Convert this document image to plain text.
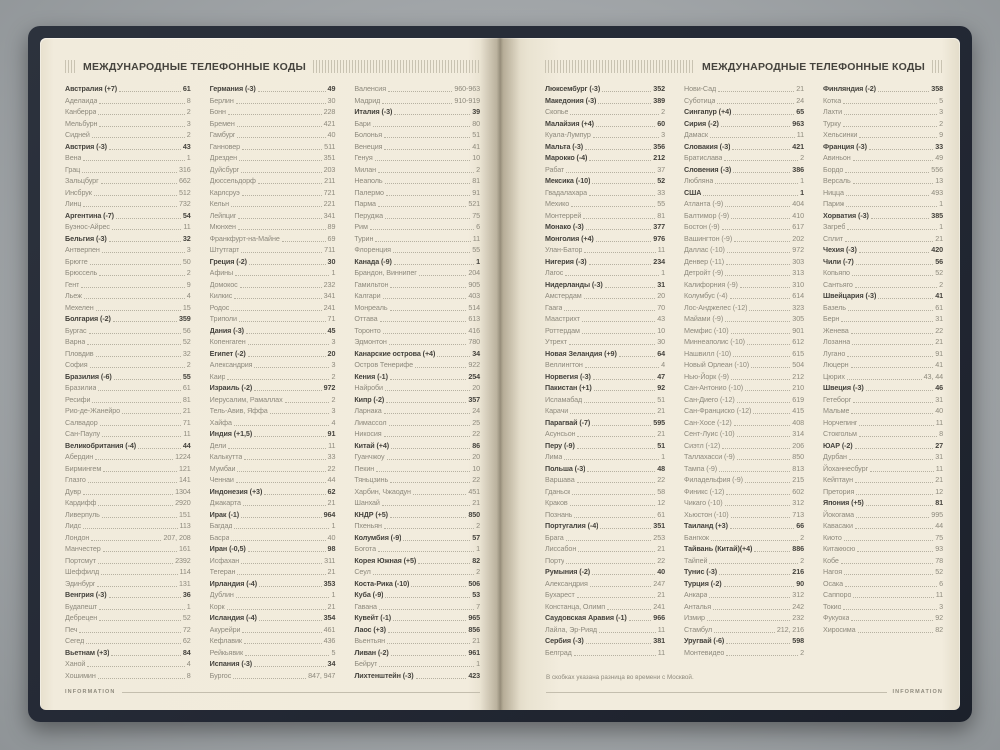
МЕЖДУНАРОДНЫЕ ТЕЛЕФОННЫЕ КОДЫ
Австралия (+7)	61
Аделаида	8
Канберра	2
Мельбурн	3
Сидней	2
Австрия (-3)	43
Вена	1
Грац	316
Зальцбург	662
Инсбрук	512
Линц	732
Аргентина (-7)	54
Буэнос-Айрес	11
Бельгия (-3)	32
Антверпен	3
Брюгге	50
Брюссель	2
Гент	9
Льеж	4
Мехелен	15
Болгария (-2)	359
Бургас	56
Варна	52
Пловдив	32
София	2
Бразилия (-6)	55
Бразилиа	61
Ресифи	81
Рио-де-Жанейро	21
Салвадор	71
Сан-Паулу	11
Великобритания (-4)	44
Абердин	1224
Бирмингем	121
Глазго	141
Дувр	1304
Кардифф	2920
Ливерпуль	151
Лидс	113
Лондон	207, 208
Манчестер	161
Портсмут	2392
Шеффилд	114
Эдинбург	131
Венгрия (-3)	36
Будапешт	1
Дебрецен	52
Печ	72
Сегед	62
Вьетнам (+3)	84
Ханой	4
Хошимин	8
Германия (-3)	49
Берлин	30
Бонн	228
Бремен	421
Гамбург	40
Ганновер	511
Дрезден	351
Дуйсбург	203
Дюссельдорф	211
Карлсруэ	721
Кельн	221
Лейпциг	341
Мюнхен	89
Франкфурт-на-Майне	69
Штутгарт	711
Греция (-2)	30
Афины	1
Домокос	232
Килкис	341
Родос	241
Триполи	71
Дания (-3)	45
Копенгаген	3
Египет (-2)	20
Александрия	3
Каир	2
Израиль (-2)	972
Иерусалим, Рамаллах	2
Тель-Авив, Яффа	3
Хайфа	4
Индия (+1,5)	91
Дели	11
Калькутта	33
Мумбаи	22
Ченнаи	44
Индонезия (+3)	62
Джакарта	21
Ирак (-1)	964
Багдад	1
Басра	40
Иран (-0,5)	98
Исфахан	311
Тегеран	21
Ирландия (-4)	353
Дублин	1
Корк	21
Исландия (-4)	354
Акурейри	461
Кефлавик	436
Рейкьявик	5
Испания (-3)	34
Бургос	847, 947
Валенсия	960-963
Мадрид	910-919
Италия (-3)	39
Бари	80
Болонья	51
Венеция	41
Генуя	10
Милан	2
Неаполь	81
Палермо	91
Парма	521
Перуджа	75
Рим	6
Турин	11
Флоренция	55
Канада (-9)	1
Брандон, Виннипег	204
Гамильтон	905
Калгари	403
Монреаль	514
Оттава	613
Торонто	416
Эдмонтон	780
Канарские острова (+4)	34
Остров Тенерифе	922
Кения (-1)	254
Найроби	20
Кипр (-2)	357
Ларнака	24
Лимассол	25
Никосия	22
Китай (+4)	86
Гуанчжоу	20
Пекин	10
Тяньцзинь	22
Харбин, Чжаодун	451
Шанхай	21
КНДР (+5)	850
Пхеньян	2
Колумбия (-9)	57
Богота	1
Корея Южная (+5)	82
Сеул	2
Коста-Рика (-10)	506
Куба (-9)	53
Гавана	7
Кувейт (-1)	965
Лаос (+3)	856
Вьентьян	21
Ливан (-2)	961
Бейрут	1
Лихтенштейн (-3)	423
INFORMATION
МЕЖДУНАРОДНЫЕ ТЕЛЕФОННЫЕ КОДЫ
Люксембург (-3)	352
Македония (-3)	389
Скопье	2
Малайзия (+4)	60
Куала-Лумпур	3
Мальта (-3)	356
Марокко (-4)	212
Рабат	37
Мексика (-10)	52
Гвадалахара	33
Мехико	55
Монтеррей	81
Монако (-3)	377
Монголия (+4)	976
Улан-Батор	11
Нигерия (-3)	234
Лагос	1
Нидерланды (-3)	31
Амстердам	20
Гаага	70
Маастрихт	43
Роттердам	10
Утрехт	30
Новая Зеландия (+9)	64
Веллингтон	4
Норвегия (-3)	47
Пакистан (+1)	92
Исламабад	51
Карачи	21
Парагвай (-7)	595
Асунсьон	21
Перу (-9)	51
Лима	1
Польша (-3)	48
Варшава	22
Гданьск	58
Краков	12
Познань	61
Португалия (-4)	351
Брага	253
Лиссабон	21
Порту	22
Румыния (-2)	40
Александрия	247
Бухарест	21
Констанца, Олимп	241
Саудовская Аравия (-1)	966
Лайла, Эр-Рияд	11
Сербия (-3)	381
Белград	11
Нови-Сад	21
Суботица	24
Сингапур (+4)	65
Сирия (-2)	963
Дамаск	11
Словакия (-3)	421
Братислава	2
Словения (-3)	386
Любляна	1
США	1
Атланта (-9)	404
Балтимор (-9)	410
Бостон (-9)	617
Вашингтон (-9)	202
Даллас (-10)	972
Денвер (-11)	303
Детройт (-9)	313
Калифорния (-9)	310
Колумбус (-4)	614
Лос-Анджелес (-12)	323
Майами (-9)	305
Мемфис (-10)	901
Миннеаполис (-10)	612
Нашвилл (-10)	615
Новый Орлеан (-10)	504
Нью-Йорк (-9)	212
Сан-Антонио (-10)	210
Сан-Диего (-12)	619
Сан-Франциско (-12)	415
Сан-Хосе (-12)	408
Сент-Луис (-10)	314
Сиэтл (-12)	206
Таллахасси (-9)	850
Тампа (-9)	813
Филадельфия (-9)	215
Финикс (-12)	602
Чикаго (-10)	312
Хьюстон (-10)	713
Таиланд (+3)	66
Бангкок	2
Тайвань (Китай)(+4)	886
Тайпей	2
Тунис (-3)	216
Турция (-2)	90
Анкара	312
Анталья	242
Измир	232
Стамбул	212, 216
Уругвай (-6)	598
Монтевидео	2
Финляндия (-2)	358
Котка	5
Лахти	3
Турку	2
Хельсинки	9
Франция (-3)	33
Авиньон	49
Бордо	556
Версаль	13
Ницца	493
Париж	1
Хорватия (-3)	385
Загреб	1
Сплит	21
Чехия (-3)	420
Чили (-7)	56
Копьяпо	52
Сантьяго	2
Швейцария (-3)	41
Базель	61
Берн	31
Женева	22
Лозанна	21
Лугано	91
Люцерн	41
Цюрих	43, 44
Швеция (-3)	46
Гетеборг	31
Мальме	40
Норчепинг	11
Стокгольм	8
ЮАР (-2)	27
Дурбан	31
Йоханнесбург	11
Кейптаун	21
Претория	12
Япония (+5)	81
Йокогама	995
Кавасаки	44
Киото	75
Китакюсю	93
Кобе	78
Нагоя	52
Осака	6
Саппоро	11
Токио	3
Фукуока	92
Хиросима	82
В скобках указана разница во времени с Москвой.
INFORMATION
